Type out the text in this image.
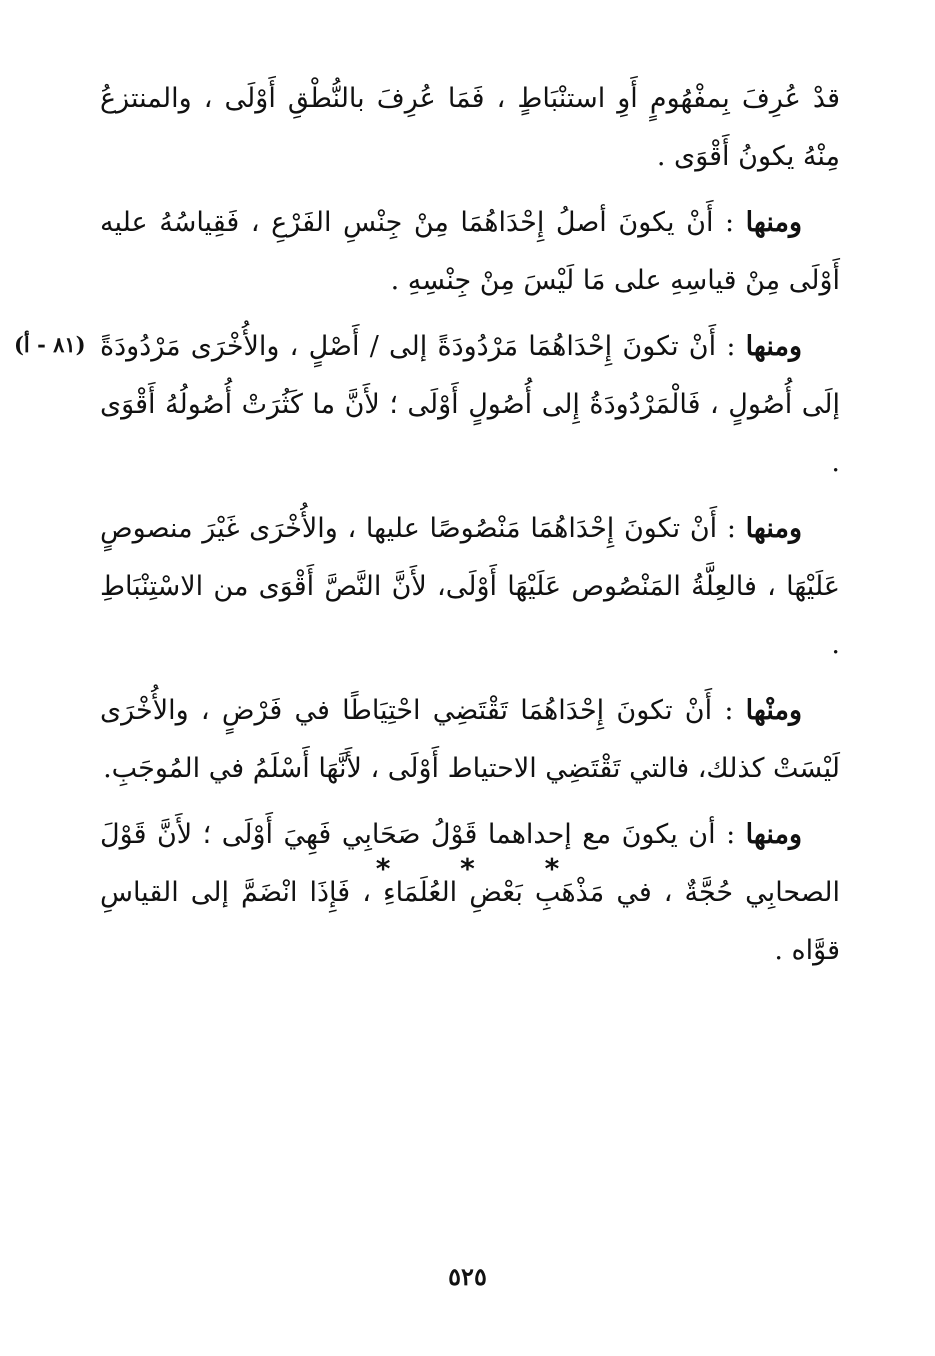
(٨١ - أ)

قدْ عُرِفَ بِمفْهُومٍ أَوِ استنْبَاطٍ ، فَمَا عُرِفَ بالنُّطْقِ أَوْلَى ، والمنتزعُ مِنْهُ يكونُ أَقْوَى .

ومنها : أَنْ يكونَ أصلُ إِحْدَاهُمَا مِنْ جِنْسِ الفَرْعِ ، فَقِياسُهُ عليه أَوْلَى مِنْ قياسِهِ على مَا لَيْسَ مِنْ جِنْسِهِ .

ومنها : أَنْ تكونَ إِحْدَاهُمَا مَرْدُودَةً إلى / أَصْلٍ ، والأُخْرَى مَرْدُودَةً إلَى أُصُولٍ ، فَالْمَرْدُودَةُ إِلى أُصُولٍ أَوْلَى ؛ لأَنَّ ما كَثُرَتْ أُصُولُهُ أَقْوَى .

ومنها : أَنْ تكونَ إِحْدَاهُمَا مَنْصُوصًا عليها ، والأُخْرَى غَيْرَ منصوصٍ عَلَيْهَا ، فالعِلَّةُ المَنْصُوص عَلَيْهَا أَوْلَى، لأَنَّ النَّصَّ أَقْوَى من الاسْتِنْبَاطِ .

ومنْها : أَنْ تكونَ إِحْدَاهُمَا تَقْتَضِي احْتِيَاطًا في فَرْضٍ ، والأُخْرَى لَيْسَتْ كذلك، فالتي تَقْتَضِي الاحتياط أَوْلَى ، لأَنَّهَا أَسْلَمُ في المُوجَبِ.

ومنها : أن يكونَ مع إحداهما قَوْلُ صَحَابِي فَهِيَ أَوْلَى ؛ لأَنَّ قَوْلَ الصحابِي حُجَّةٌ ، في مَذْهَبِ بَعْضِ العُلَمَاءِ ، فَإِذَا انْضَمَّ إلى القياسِ قوَّاه .

* * *
٥٢٥
